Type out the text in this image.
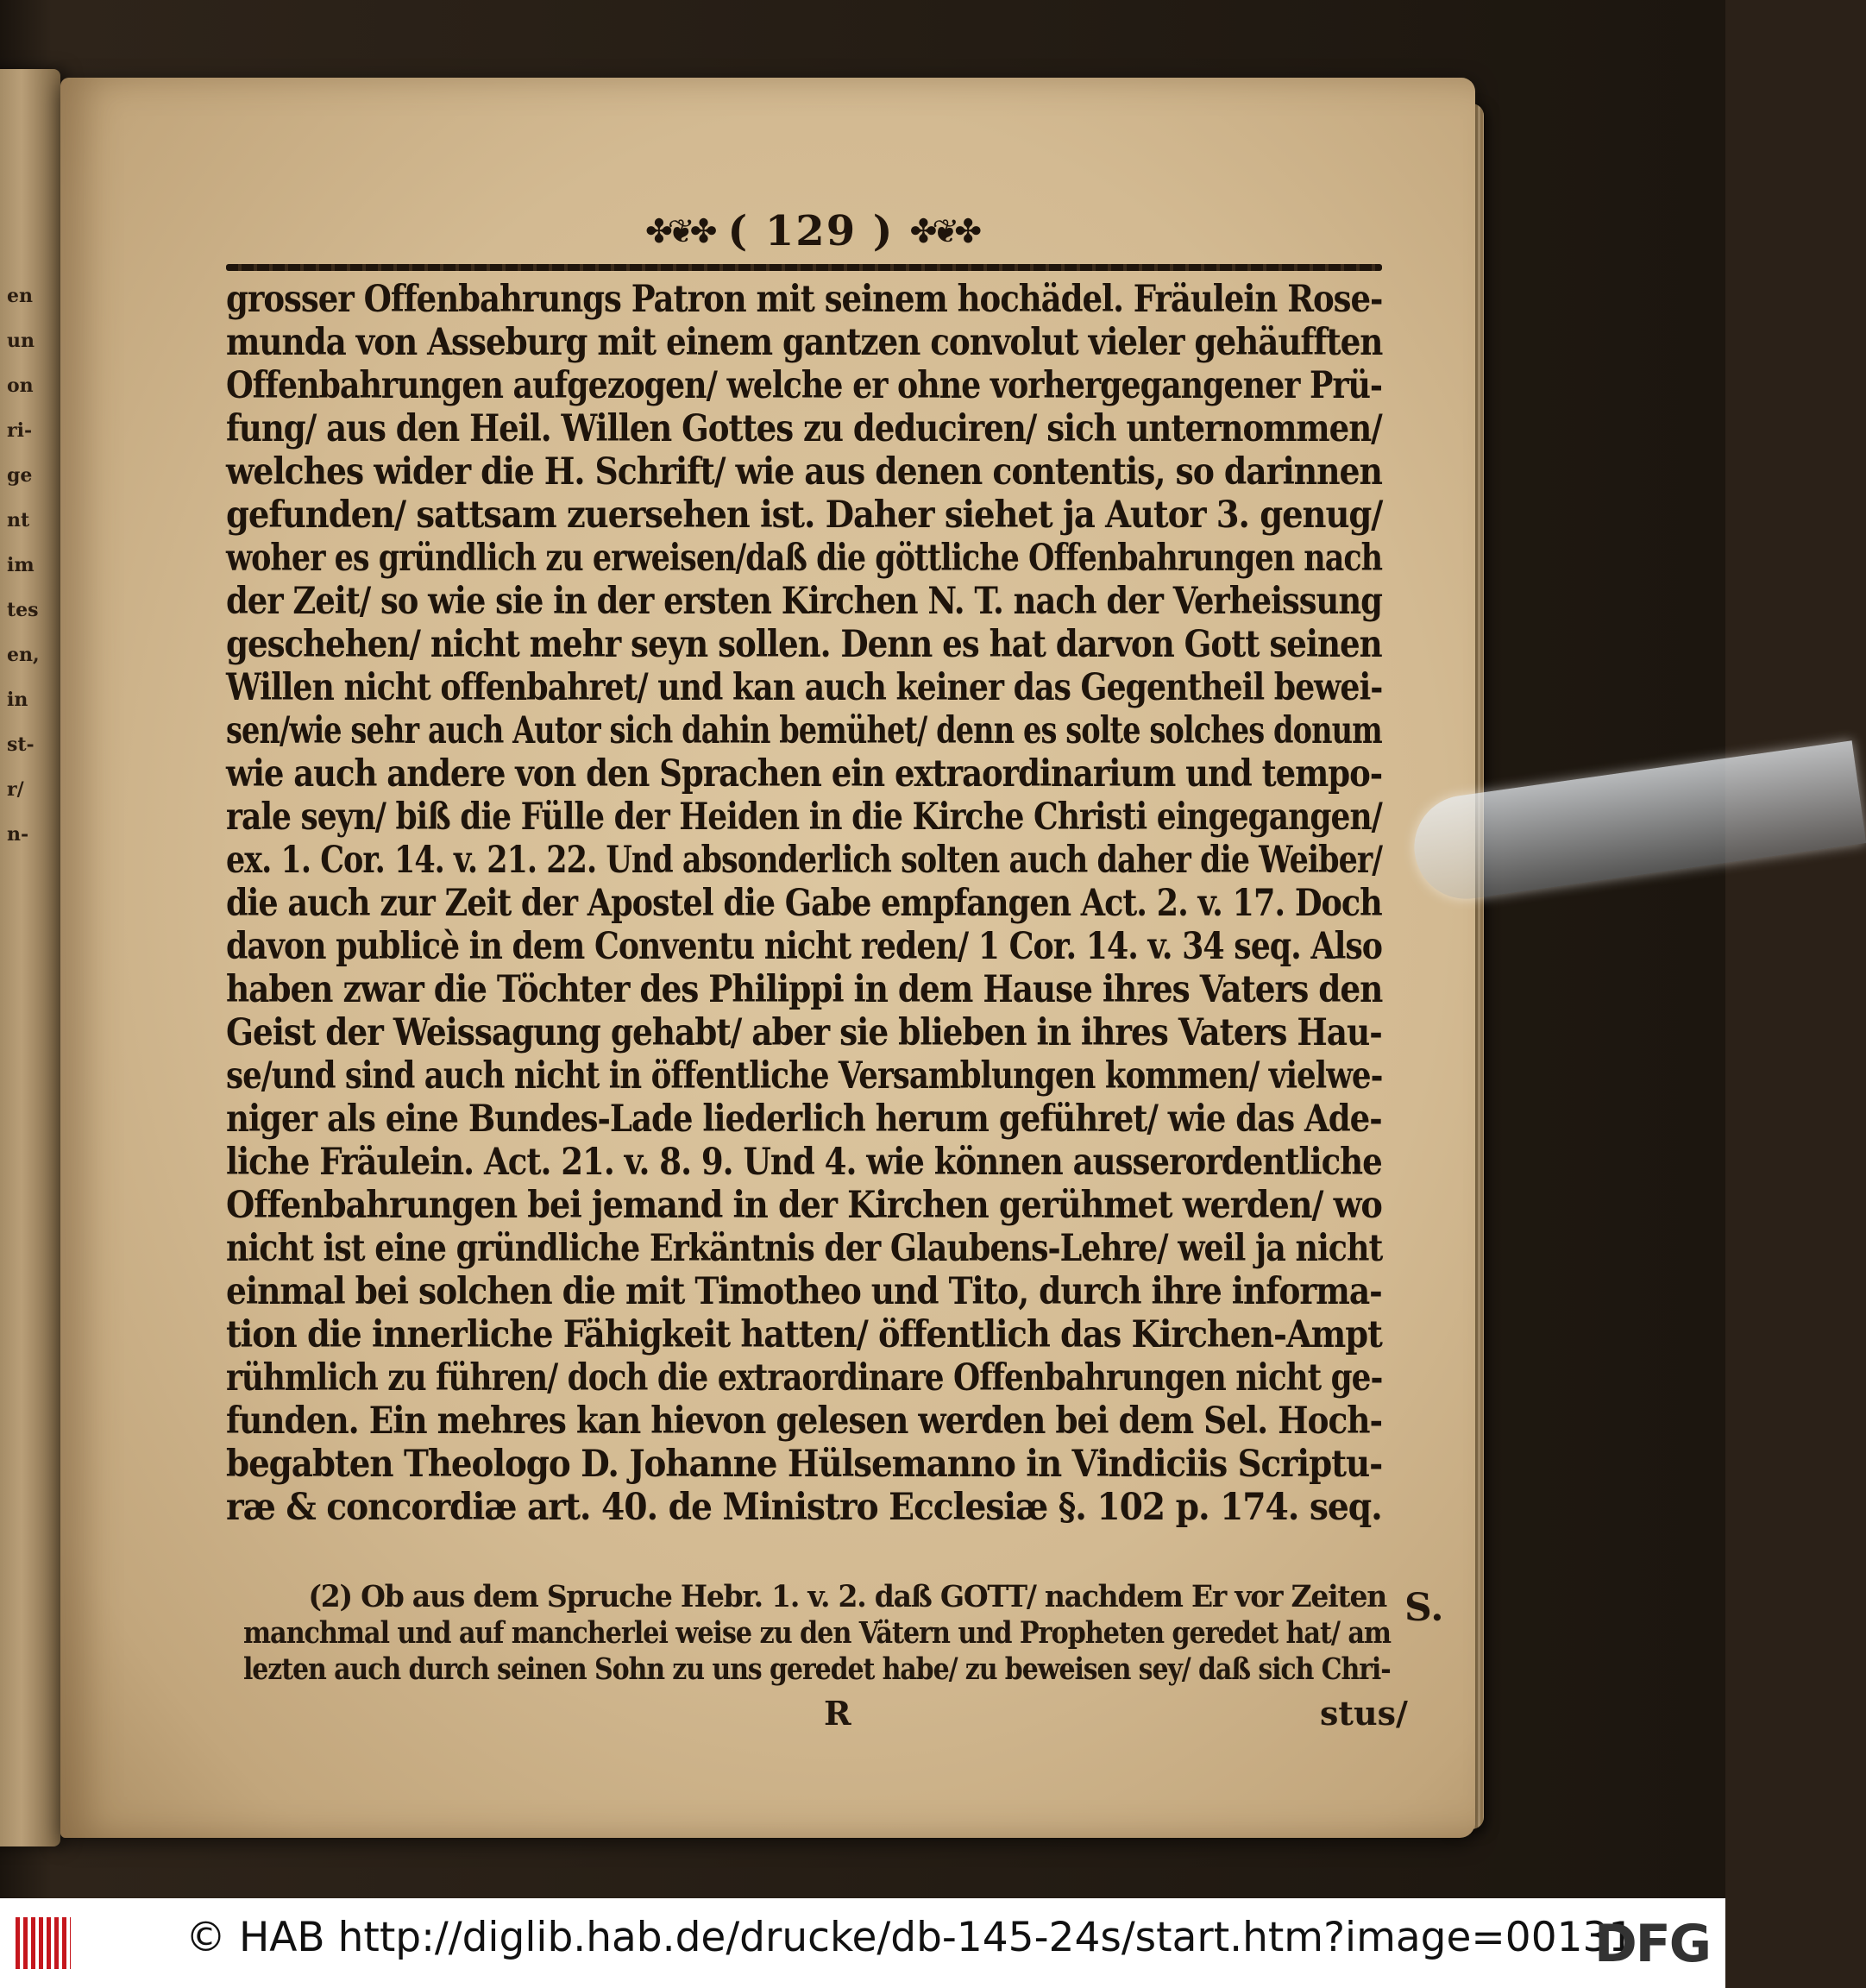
✤❦✤ ( 129 ) ✤❦✤
grosser Offenbahrungs Patron mit seinem hochädel. Fräulein Rose-
munda von Asseburg mit einem gantzen convolut vieler gehäufften
Offenbahrungen aufgezogen/ welche er ohne vorhergegangener Prü-
fung/ aus den Heil. Willen Gottes zu deduciren/ sich unternommen/
welches wider die H. Schrift/ wie aus denen contentis, so darinnen
gefunden/ sattsam zuersehen ist. Daher siehet ja Autor 3. genug/
woher es gründlich zu erweisen/daß die göttliche Offenbahrungen nach
der Zeit/ so wie sie in der ersten Kirchen N. T. nach der Verheissung
geschehen/ nicht mehr seyn sollen. Denn es hat darvon Gott seinen
Willen nicht offenbahret/ und kan auch keiner das Gegentheil bewei-
sen/wie sehr auch Autor sich dahin bemühet/ denn es solte solches donum
wie auch andere von den Sprachen ein extraordinarium und tempo-
rale seyn/ biß die Fülle der Heiden in die Kirche Christi eingegangen/
ex. 1. Cor. 14. v. 21. 22. Und absonderlich solten auch daher die Weiber/
die auch zur Zeit der Apostel die Gabe empfangen Act. 2. v. 17. Doch
davon publicè in dem Conventu nicht reden/ 1 Cor. 14. v. 34 seq. Also
haben zwar die Töchter des Philippi in dem Hause ihres Vaters den
Geist der Weissagung gehabt/ aber sie blieben in ihres Vaters Hau-
se/und sind auch nicht in öffentliche Versamblungen kommen/ vielwe-
niger als eine Bundes-Lade liederlich herum geführet/ wie das Ade-
liche Fräulein. Act. 21. v. 8. 9. Und 4. wie können ausserordentliche
Offenbahrungen bei jemand in der Kirchen gerühmet werden/ wo
nicht ist eine gründliche Erkäntnis der Glaubens-Lehre/ weil ja nicht
einmal bei solchen die mit Timotheo und Tito, durch ihre informa-
tion die innerliche Fähigkeit hatten/ öffentlich das Kirchen-Ampt
rühmlich zu führen/ doch die extraordinare Offenbahrungen nicht ge-
funden. Ein mehres kan hievon gelesen werden bei dem Sel. Hoch-
begabten Theologo D. Johanne Hülsemanno in Vindiciis Scriptu-
ræ & concordiæ art. 40. de Ministro Ecclesiæ §. 102 p. 174. seq.
(2) Ob aus dem Spruche Hebr. 1. v. 2. daß GOTT/ nachdem Er vor Zeiten
manchmal und auf mancherlei weise zu den Vätern und Propheten geredet hat/ am
lezten auch durch seinen Sohn zu uns geredet habe/ zu beweisen sey/ daß sich Chri-
S.
R	stus/
en
un
on
ri-
ge
nt
im
tes
en,
in
st-
r/
n-
© HAB http://diglib.hab.de/drucke/db-145-24s/start.htm?image=00131
DFG
